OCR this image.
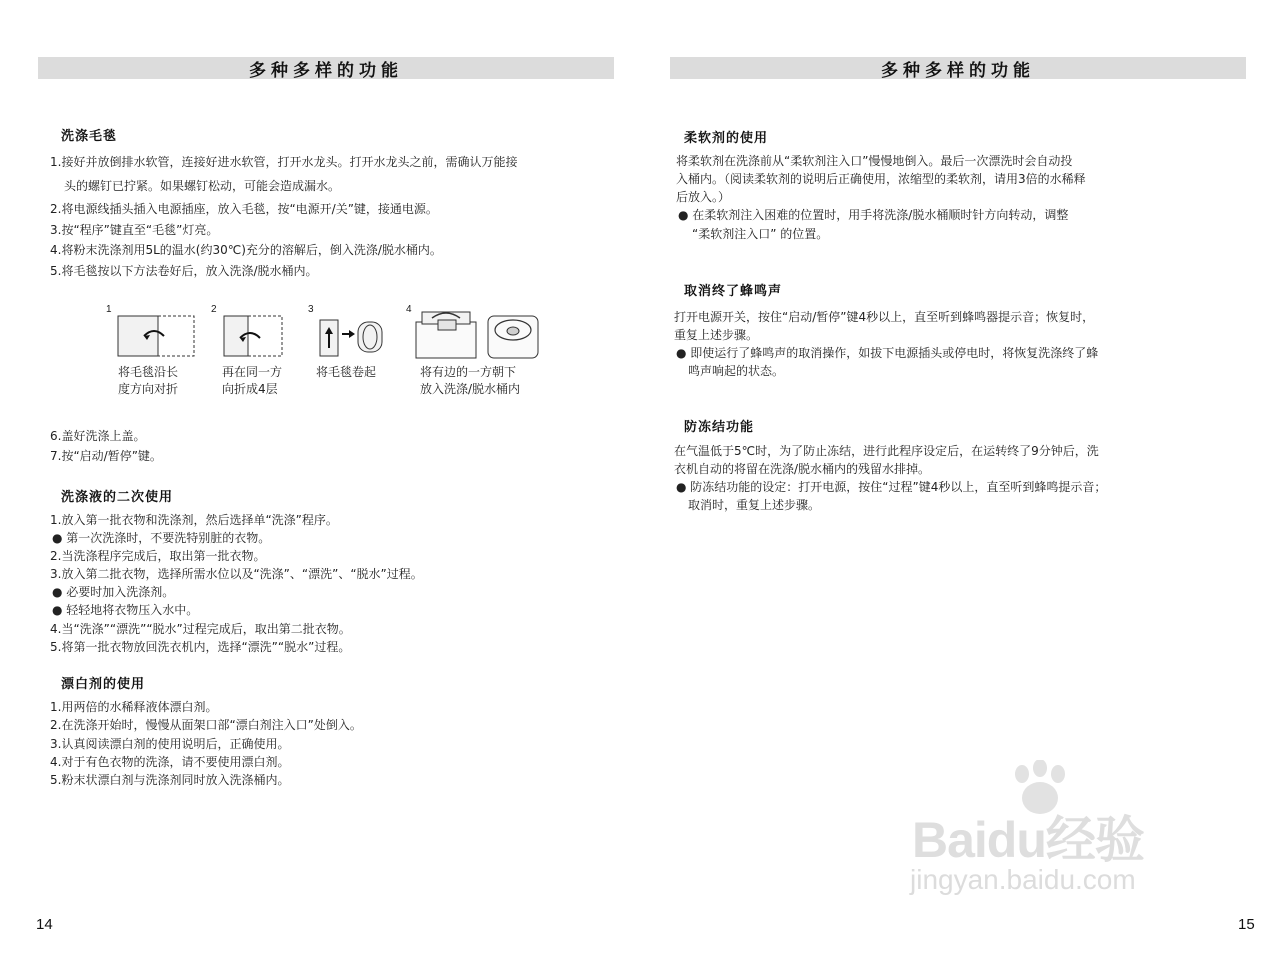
多种多样的功能
洗涤毛毯
1.接好并放倒排水软管，连接好进水软管，打开水龙头。打开水龙头之前，需确认万能接
头的螺钉已拧紧。如果螺钉松动，可能会造成漏水。
2.将电源线插头插入电源插座，放入毛毯，按“电源开/关”键，接通电源。
3.按“程序”键直至“毛毯”灯亮。
4.将粉末洗涤剂用5L的温水(约30℃)充分的溶解后，倒入洗涤/脱水桶内。
5.将毛毯按以下方法卷好后，放入洗涤/脱水桶内。
1
将毛毯沿长
度方向对折
2
再在同一方
向折成4层
3
将毛毯卷起
4
将有边的一方朝下
放入洗涤/脱水桶内
6.盖好洗涤上盖。
7.按“启动/暂停”键。
洗涤液的二次使用
1.放入第一批衣物和洗涤剂，然后选择单“洗涤”程序。
● 第一次洗涤时，不要洗特别脏的衣物。
2.当洗涤程序完成后，取出第一批衣物。
3.放入第二批衣物，选择所需水位以及“洗涤”、“漂洗”、“脱水”过程。
● 必要时加入洗涤剂。
● 轻轻地将衣物压入水中。
4.当“洗涤”“漂洗”“脱水”过程完成后，取出第二批衣物。
5.将第一批衣物放回洗衣机内，选择“漂洗”“脱水”过程。
漂白剂的使用
1.用两倍的水稀释液体漂白剂。
2.在洗涤开始时，慢慢从面架口部“漂白剂注入口”处倒入。
3.认真阅读漂白剂的使用说明后，正确使用。
4.对于有色衣物的洗涤，请不要使用漂白剂。
5.粉末状漂白剂与洗涤剂同时放入洗涤桶内。
14
多种多样的功能
柔软剂的使用
将柔软剂在洗涤前从“柔软剂注入口”慢慢地倒入。最后一次漂洗时会自动投
入桶内。（阅读柔软剂的说明后正确使用，浓缩型的柔软剂，请用3倍的水稀释
后放入。）
● 在柔软剂注入困难的位置时，用手将洗涤/脱水桶顺时针方向转动，调整
“柔软剂注入口” 的位置。
取消终了蜂鸣声
打开电源开关，按住“启动/暂停”键4秒以上，直至听到蜂鸣器提示音；恢复时，
重复上述步骤。
● 即使运行了蜂鸣声的取消操作，如拔下电源插头或停电时，将恢复洗涤终了蜂
鸣声响起的状态。
防冻结功能
在气温低于5℃时，为了防止冻结，进行此程序设定后，在运转终了9分钟后，洗
衣机自动的将留在洗涤/脱水桶内的残留水排掉。
● 防冻结功能的设定：打开电源，按住“过程”键4秒以上，直至听到蜂鸣提示音；
取消时，重复上述步骤。
15
Baidu经验
jingyan.baidu.com
